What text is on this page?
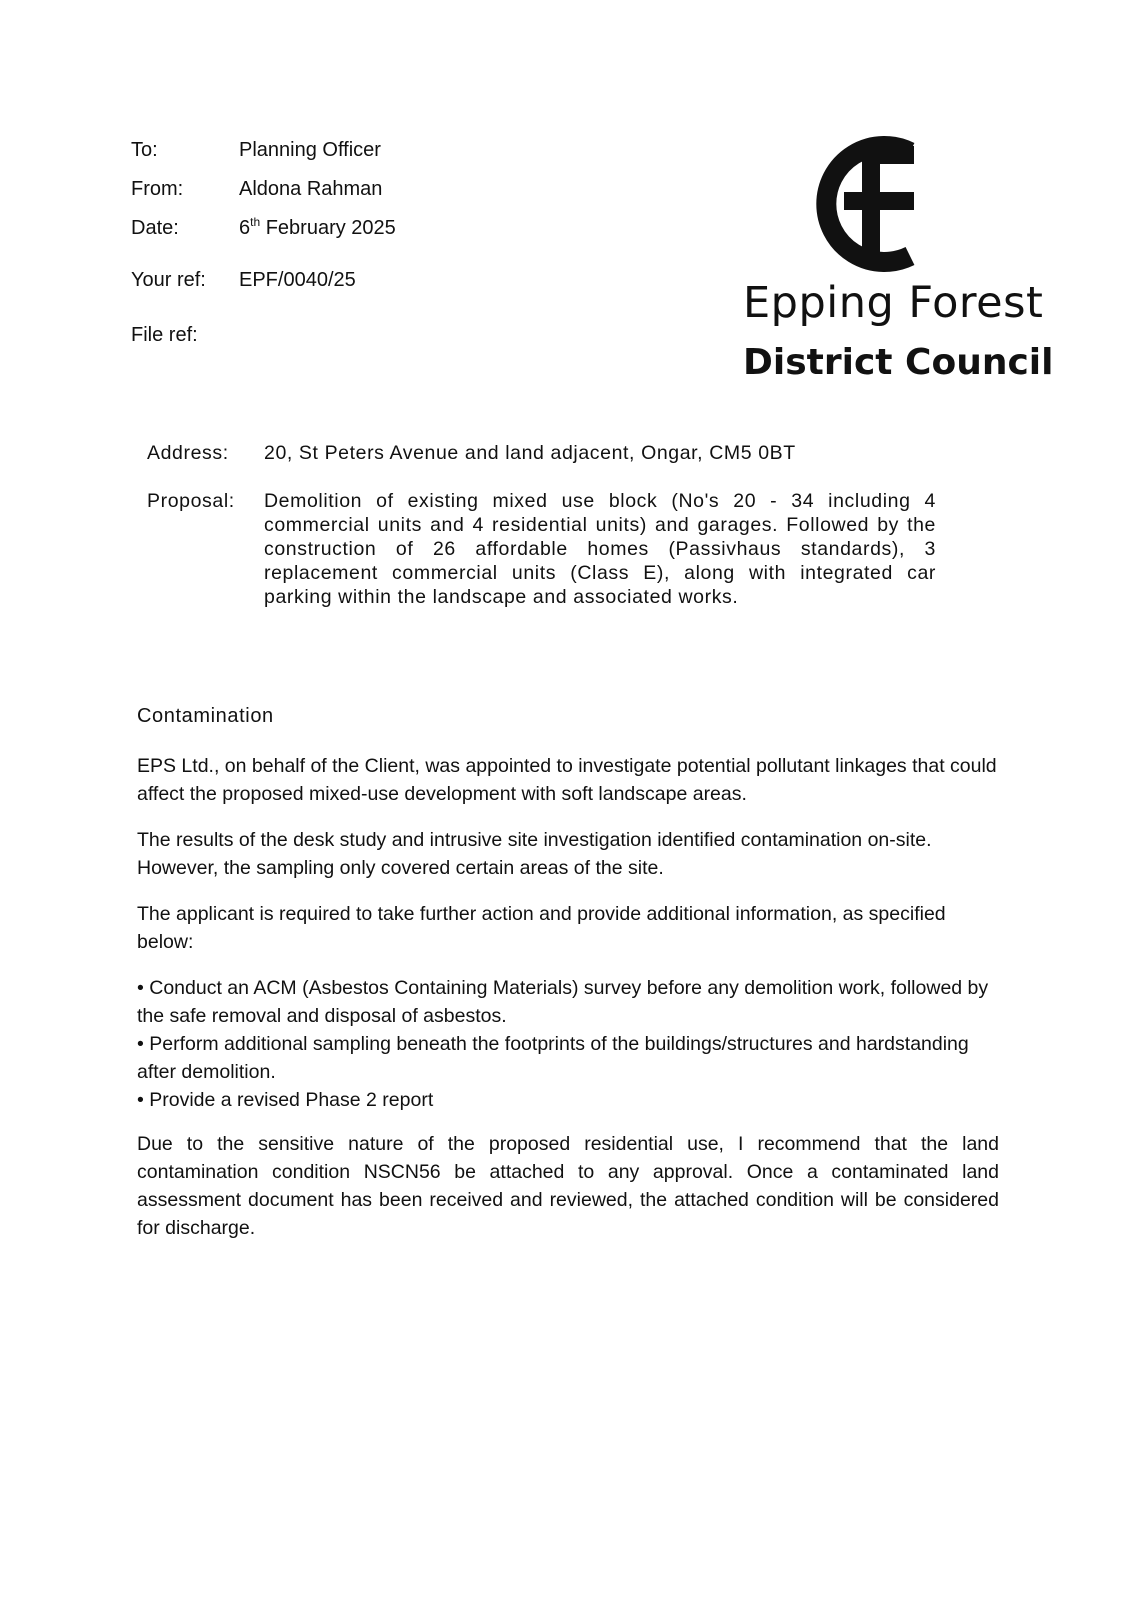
To:	Planning Officer
From:	Aldona Rahman
Date:	6th February 2025
Your ref: EPF/0040/25
File ref:
Epping Forest
District Council
Address: 20, St Peters Avenue and land adjacent, Ongar, CM5 0BT
Proposal: Demolition of existing mixed use block (No's 20 - 34 including 4 commercial units and 4 residential units) and garages. Followed by the construction of 26 affordable homes (Passivhaus standards), 3 replacement commercial units (Class E), along with integrated car parking within the landscape and associated works.
Contamination

EPS Ltd., on behalf of the Client, was appointed to investigate potential pollutant linkages that could affect the proposed mixed-use development with soft landscape areas.

The results of the desk study and intrusive site investigation identified contamination on-site. However, the sampling only covered certain areas of the site.

The applicant is required to take further action and provide additional information, as specified below:

• Conduct an ACM (Asbestos Containing Materials) survey before any demolition work, followed by the safe removal and disposal of asbestos.
• Perform additional sampling beneath the footprints of the buildings/structures and hardstanding after demolition.
• Provide a revised Phase 2 report

Due to the sensitive nature of the proposed residential use, I recommend that the land contamination condition NSCN56 be attached to any approval. Once a contaminated land assessment document has been received and reviewed, the attached condition will be considered for discharge.
